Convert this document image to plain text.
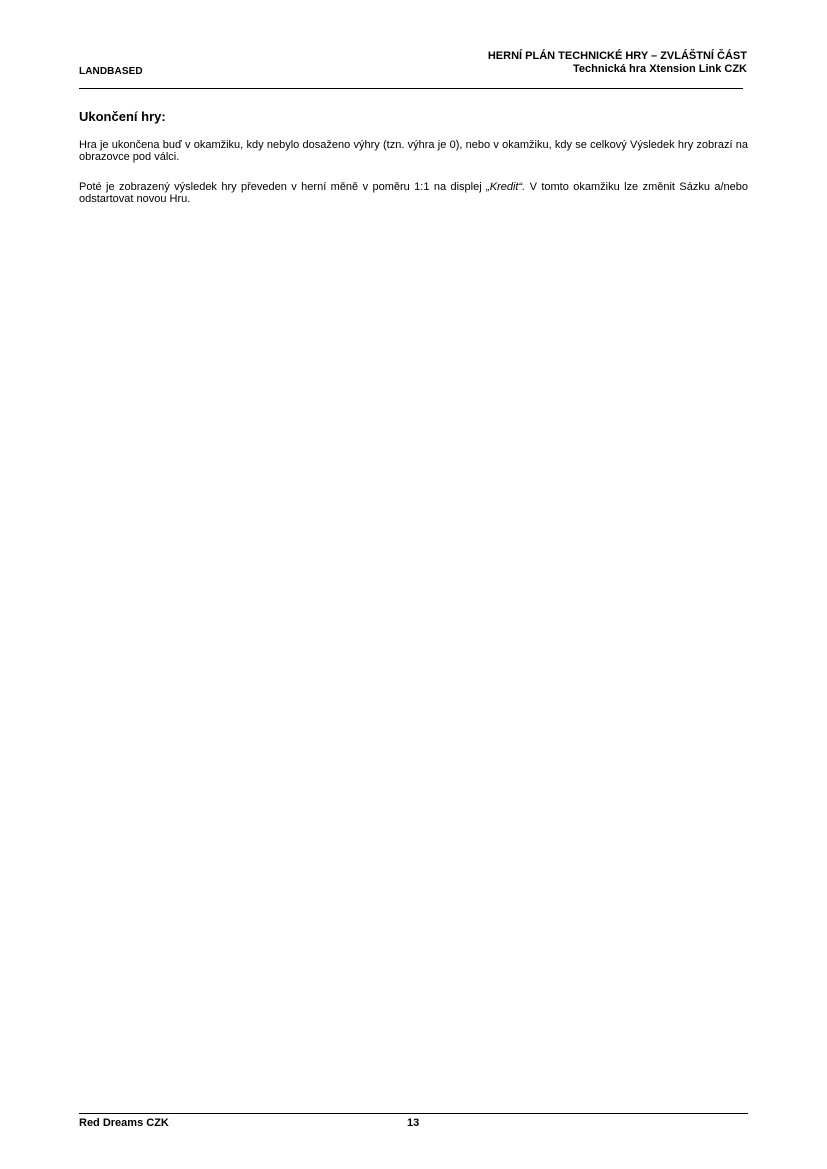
LANDBASED
HERNÍ PLÁN TECHNICKÉ HRY – ZVLÁŠTNÍ ČÁST
Technická hra Xtension Link CZK
Ukončení hry:
Hra je ukončena buď v okamžiku, kdy nebylo dosaženo výhry (tzn. výhra je 0), nebo v okamžiku, kdy se celkový Výsledek hry zobrazí na obrazovce pod válci.
Poté je zobrazený výsledek hry převeden v herní měně v poměru 1:1 na displej „Kredit“. V tomto okamžiku lze změnit Sázku a/nebo odstartovat novou Hru.
Red Dreams CZK	13
